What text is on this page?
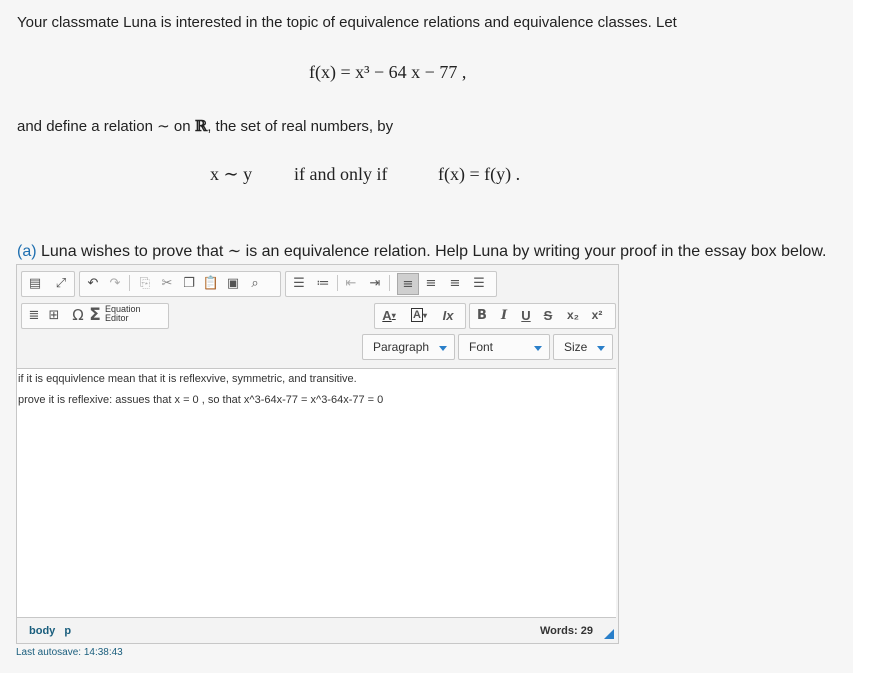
Your classmate Luna is interested in the topic of equivalence relations and equivalence classes. Let
f(x) = x³ − 64 x − 77 ,
and define a relation ∼ on ℝ, the set of real numbers, by
x ∼ y if and only if	f(x) = f(y) .
(a) Luna wishes to prove that ∼ is an equivalence relation. Help Luna by writing your proof in the essay box below.
▤	⤢	↶ ↷	⎘ ✂ ❐ 📋 ▣ ⌕	☰ ≔	⇤	⇥	≡ ≡	≡ ☰
≣ ⊞ Ω Σ Equation
Editor	A ▾ A ▾ Ix	B	I	U S	x₂	x²
Paragraph	Font	Size

if it is eqquivlence mean that it is reflexvive, symmetric, and transitive.

prove it is reflexive: assues that x = 0 , so that x^3-64x-77 = x^3-64x-77 = 0

body p	Words: 29
Last autosave: 14:38:43
